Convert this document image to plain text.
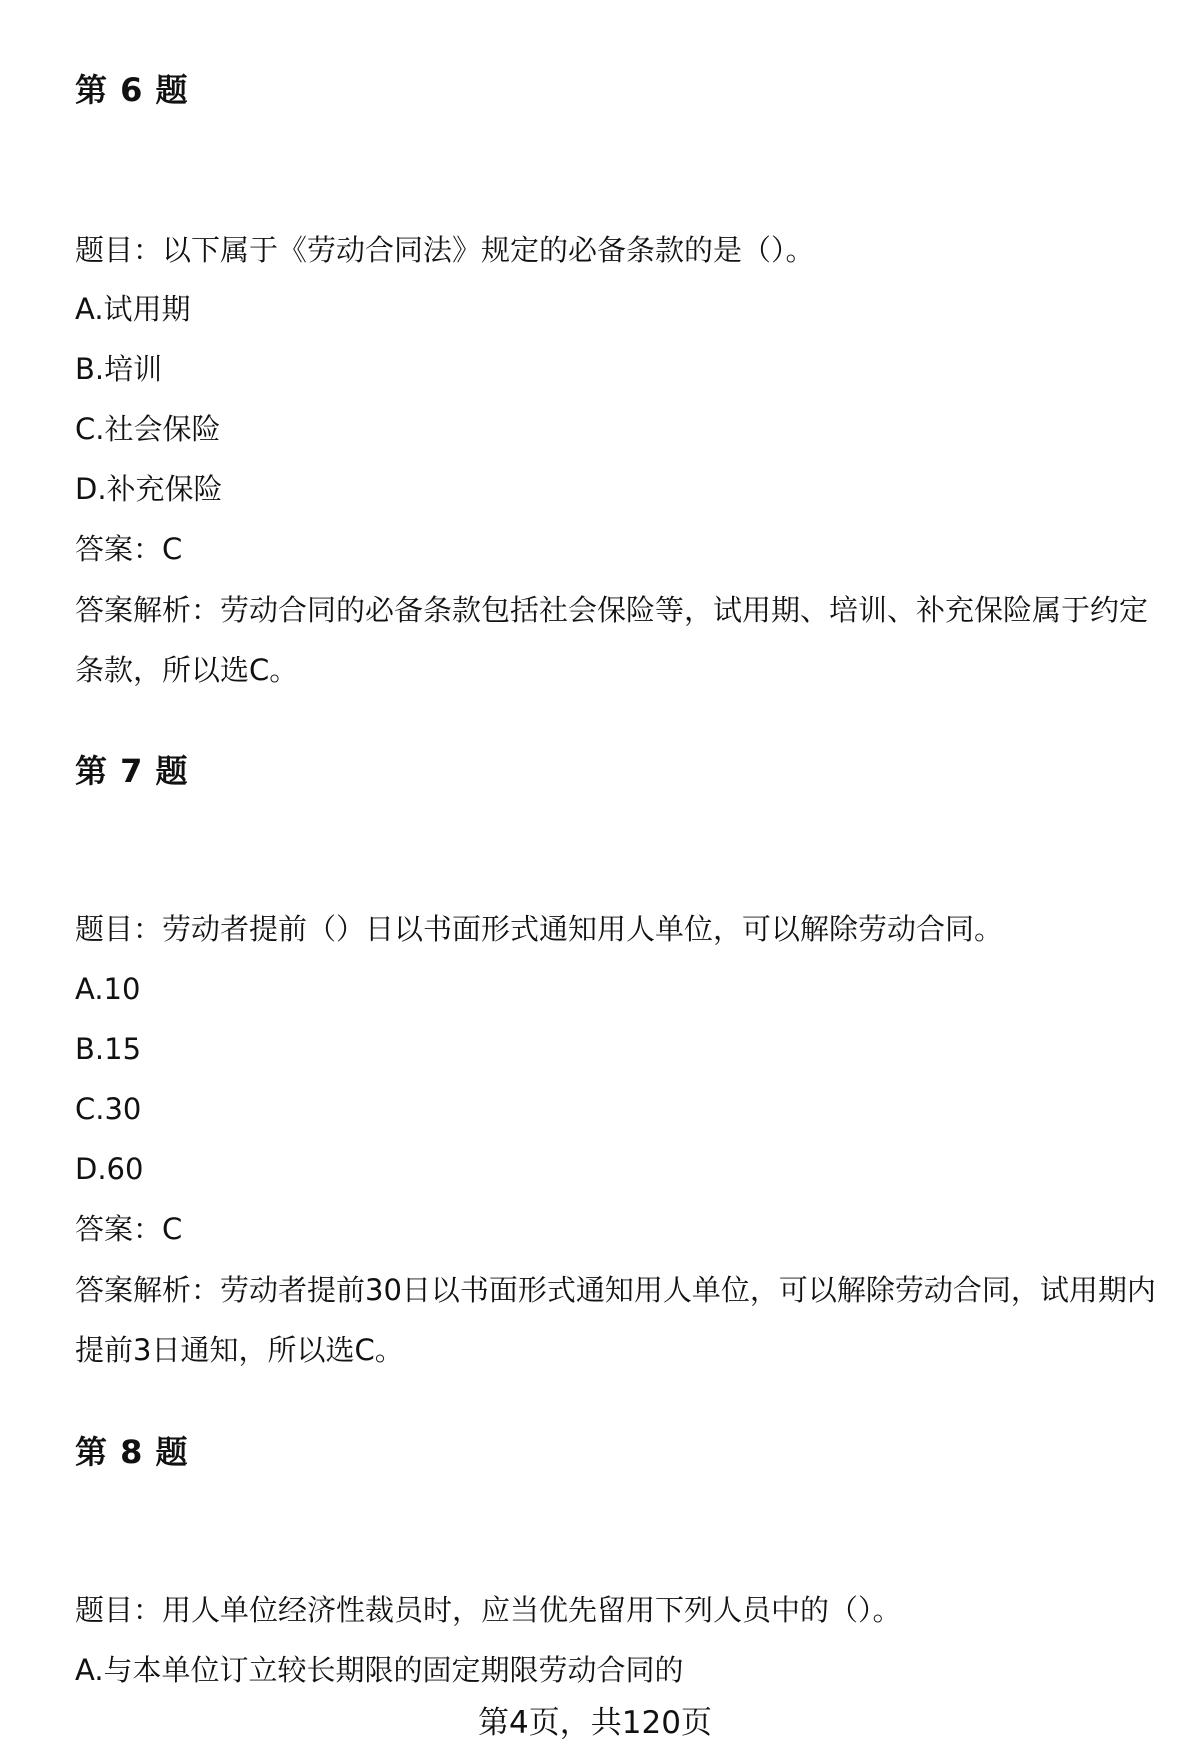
第 6 题

题目：以下属于《劳动合同法》规定的必备条款的是（）。

A.试用期

B.培训

C.社会保险

D.补充保险

答案：C

答案解析：劳动合同的必备条款包括社会保险等，试用期、培训、补充保险属于约定条款，所以选C。

第 7 题

题目：劳动者提前（）日以书面形式通知用人单位，可以解除劳动合同。

A.10

B.15

C.30

D.60

答案：C

答案解析：劳动者提前30日以书面形式通知用人单位，可以解除劳动合同，试用期内提前3日通知，所以选C。

第 8 题

题目：用人单位经济性裁员时，应当优先留用下列人员中的（）。

A.与本单位订立较长期限的固定期限劳动合同的

第4页，共120页
